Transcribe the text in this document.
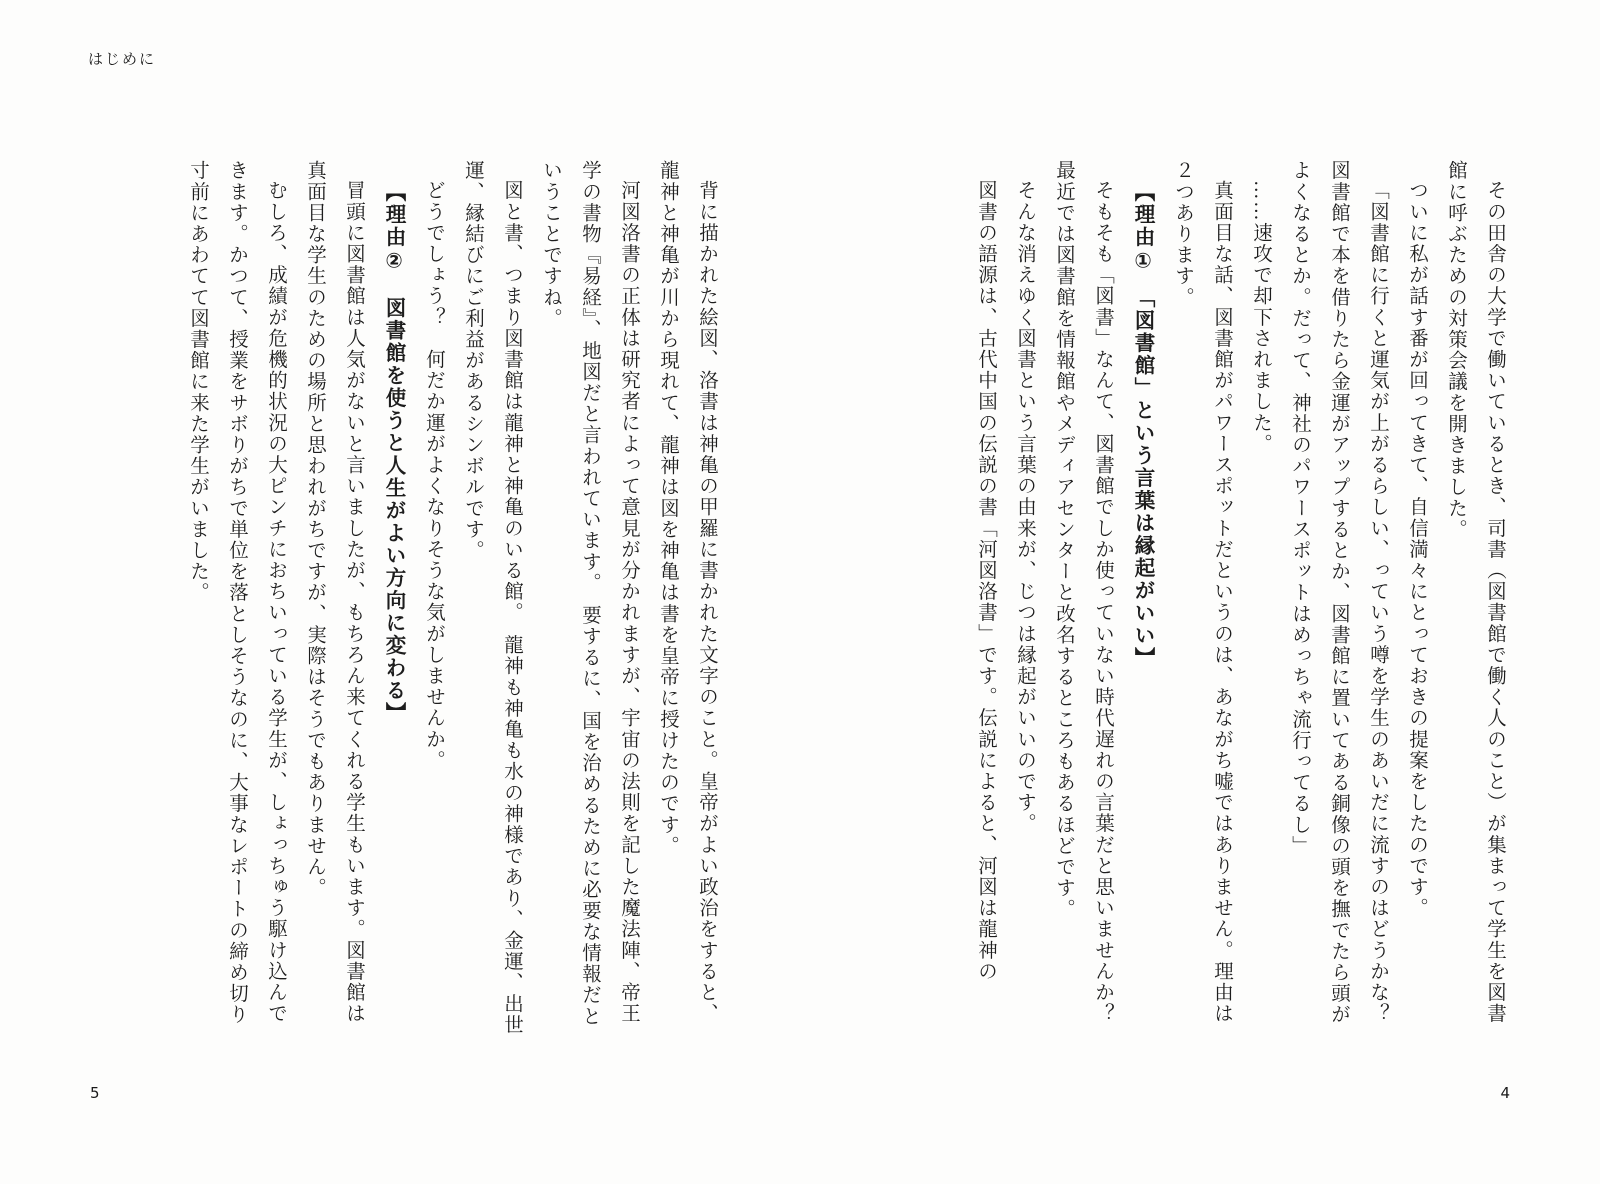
はじめに

その田舎の大学で働いているとき、司書（図書館で働く人のこと）が集まって学生を図書館に呼ぶための対策会議を開きました。

ついに私が話す番が回ってきて、自信満々にとっておきの提案をしたのです。

「図書館に行くと運気が上がるらしい、っていう噂を学生のあいだに流すのはどうかな？　図書館で本を借りたら金運がアップするとか、図書館に置いてある銅像の頭を撫でたら頭がよくなるとか。だって、神社のパワースポットはめっちゃ流行ってるし」

……速攻で却下されました。

真面目な話、図書館がパワースポットだというのは、あながち嘘ではありません。理由は２つあります。

【理由①　「図書館」という言葉は縁起がいい】

そもそも「図書」なんて、図書館でしか使っていない時代遅れの言葉だと思いませんか？　最近では図書館を情報館やメディアセンターと改名するところもあるほどです。

そんな消えゆく図書という言葉の由来が、じつは縁起がいいのです。

図書の語源は、古代中国の伝説の書「河図洛書」です。伝説によると、河図は龍神の

背に描かれた絵図、洛書は神亀の甲羅に書かれた文字のこと。皇帝がよい政治をすると、龍神と神亀が川から現れて、龍神は図を神亀は書を皇帝に授けたのです。

河図洛書の正体は研究者によって意見が分かれますが、宇宙の法則を記した魔法陣、帝王学の書物『易経』、地図だと言われています。　要するに、国を治めるために必要な情報だということですね。

図と書、つまり図書館は龍神と神亀のいる館。　龍神も神亀も水の神様であり、金運、出世運、縁結びにご利益があるシンボルです。

どうでしょう？　何だか運がよくなりそうな気がしませんか。

【理由②　図書館を使うと人生がよい方向に変わる】

冒頭に図書館は人気がないと言いましたが、もちろん来てくれる学生もいます。図書館は真面目な学生のための場所と思われがちですが、実際はそうでもありません。

むしろ、成績が危機的状況の大ピンチにおちいっている学生が、しょっちゅう駆け込んできます。かつて、授業をサボりがちで単位を落としそうなのに、大事なレポートの締め切り寸前にあわてて図書館に来た学生がいました。

5	4
